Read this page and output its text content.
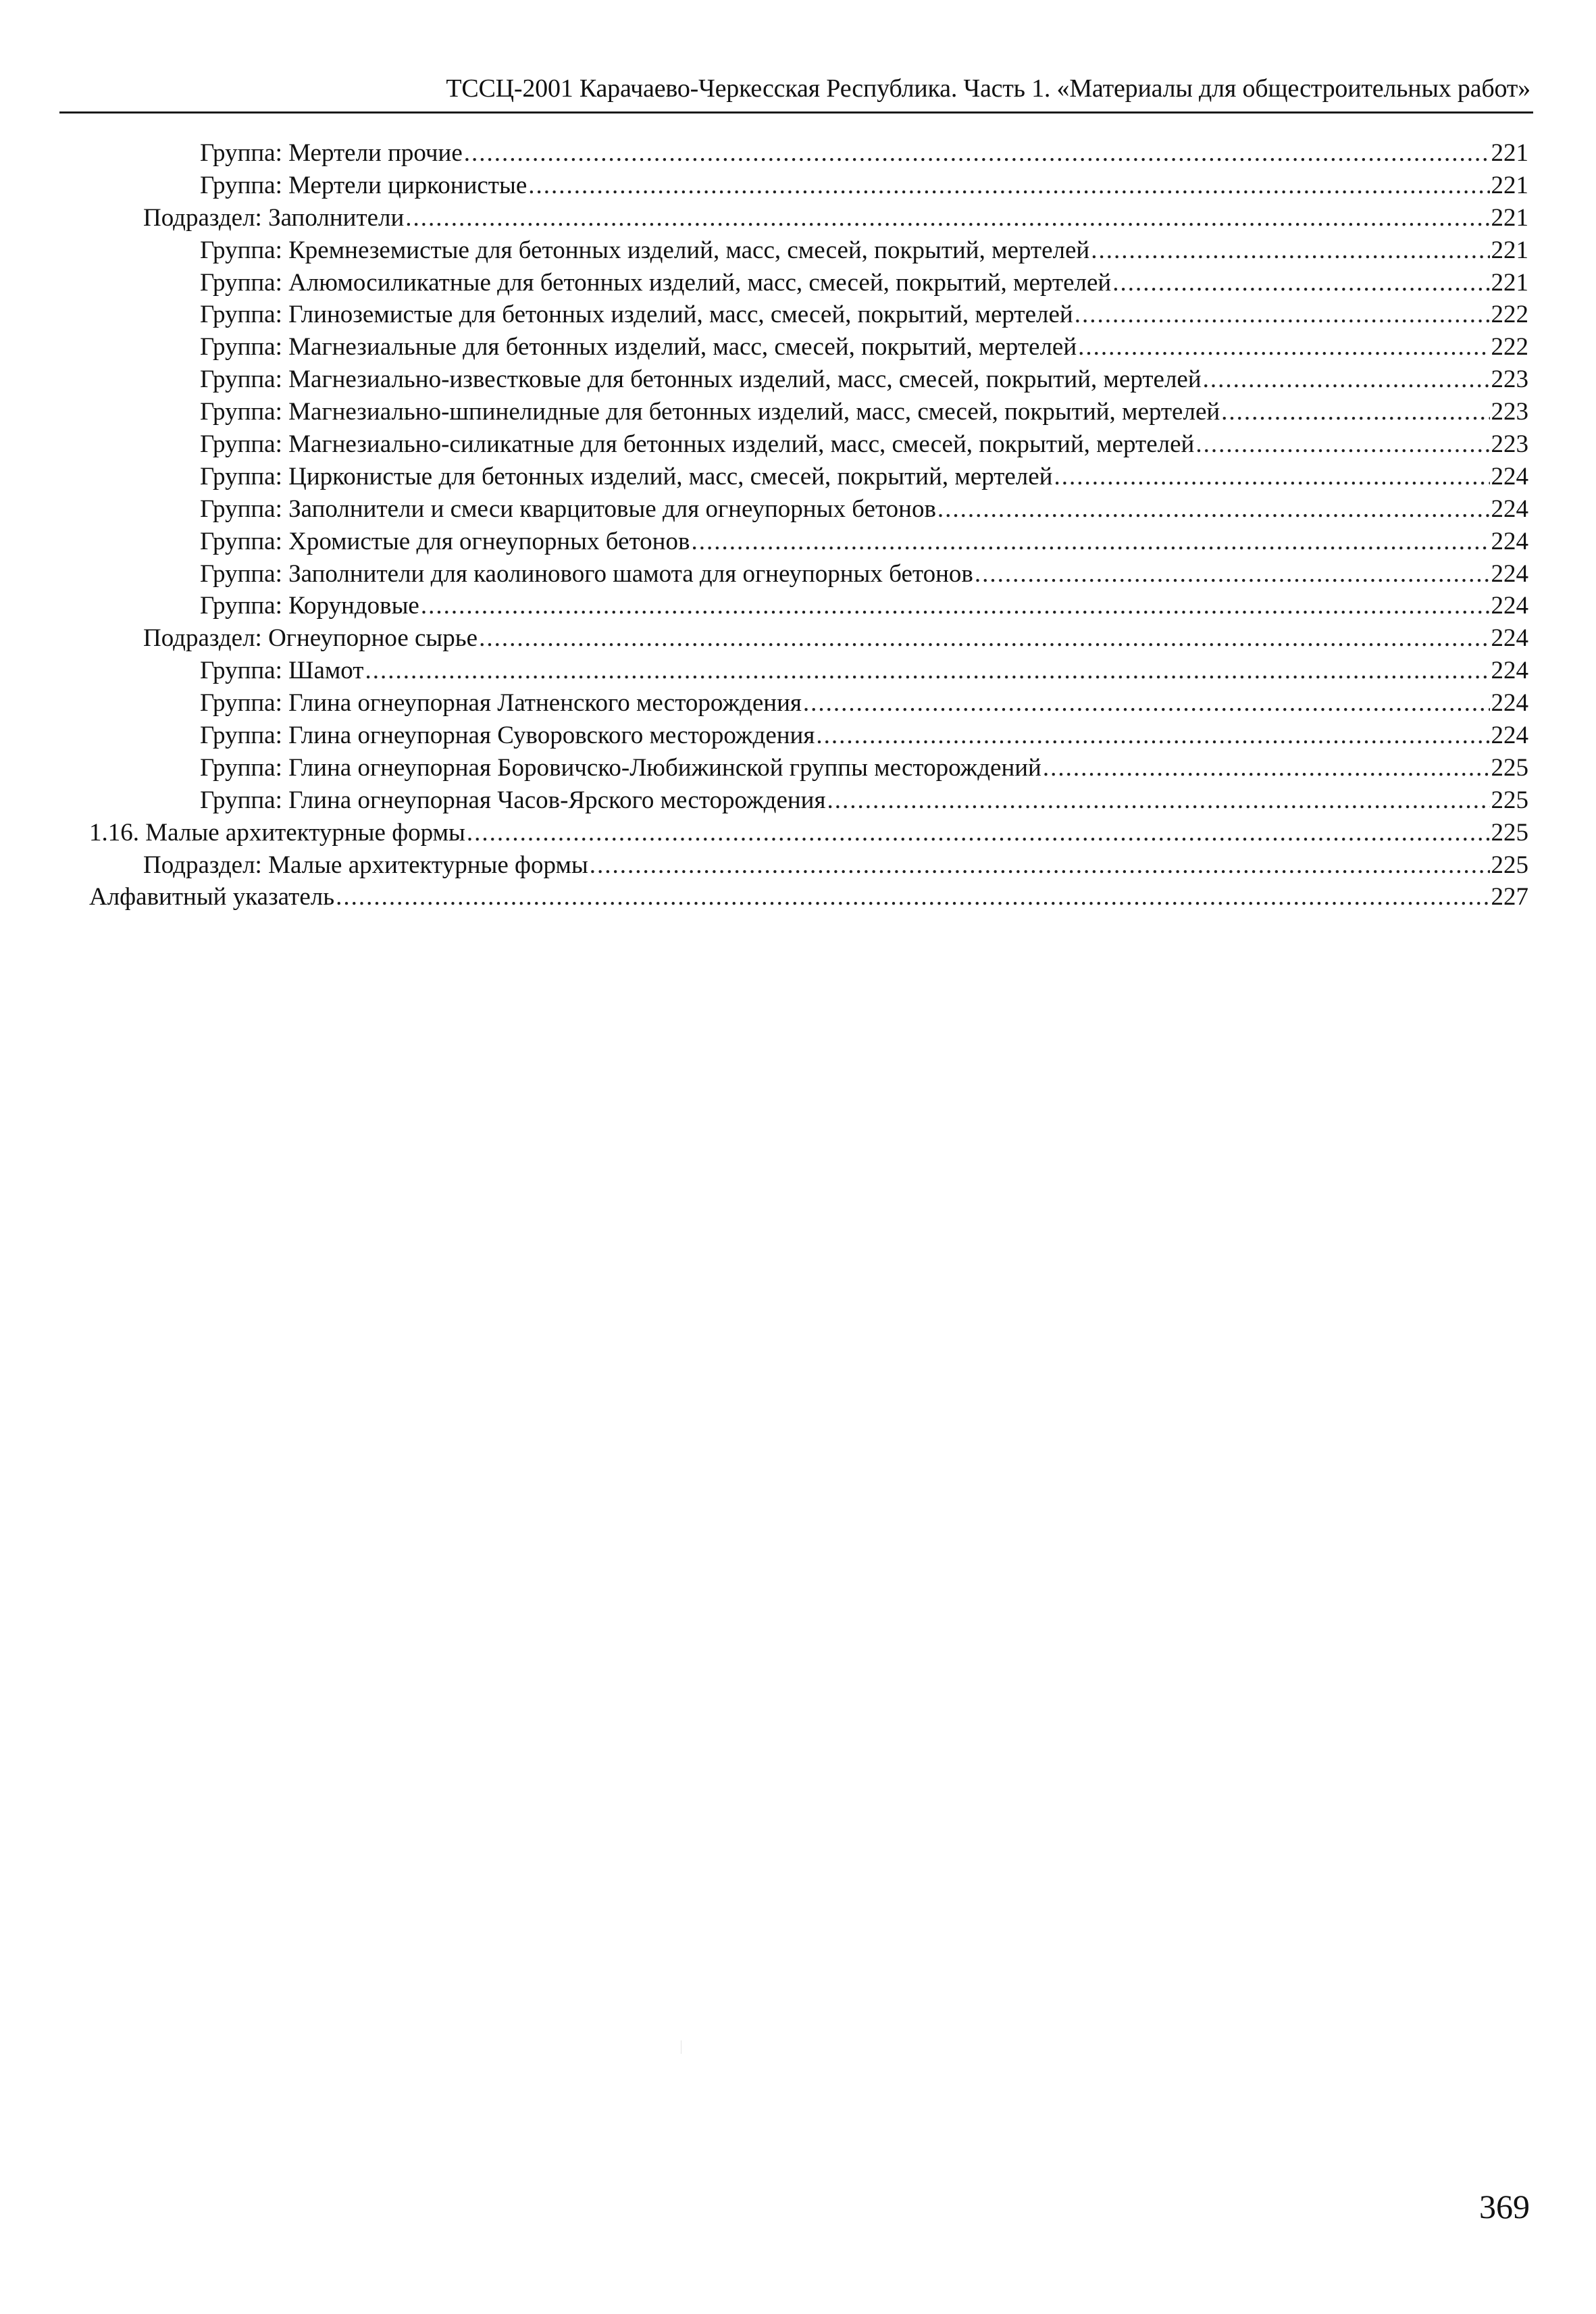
ТССЦ-2001 Карачаево-Черкесская Республика. Часть 1. «Материалы для общестроительных работ»
Группа: Мертели прочие .....	221
Группа: Мертели цирконистые .....	221
Подраздел: Заполнители .....	221
Группа: Кремнеземистые для бетонных изделий, масс, смесей, покрытий, мертелей .....	221
Группа: Алюмосиликатные для бетонных изделий, масс, смесей, покрытий, мертелей .....	221
Группа: Глиноземистые для бетонных изделий, масс, смесей, покрытий, мертелей .....	222
Группа: Магнезиальные для бетонных изделий, масс, смесей, покрытий, мертелей .....	222
Группа: Магнезиально-известковые для бетонных изделий, масс, смесей, покрытий, мертелей .....	223
Группа: Магнезиально-шпинелидные для бетонных изделий, масс, смесей, покрытий, мертелей .....	223
Группа: Магнезиально-силикатные для бетонных изделий, масс, смесей, покрытий, мертелей .....	223
Группа: Цирконистые для бетонных изделий, масс, смесей, покрытий, мертелей .....	224
Группа: Заполнители и смеси кварцитовые для огнеупорных бетонов .....	224
Группа: Хромистые для огнеупорных бетонов .....	224
Группа: Заполнители для каолинового шамота для огнеупорных бетонов .....	224
Группа: Корундовые .....	224
Подраздел: Огнеупорное сырье .....	224
Группа: Шамот .....	224
Группа: Глина огнеупорная Латненского месторождения .....	224
Группа: Глина огнеупорная Суворовского месторождения .....	224
Группа: Глина огнеупорная Боровичско-Любижинской группы месторождений .....	225
Группа: Глина огнеупорная Часов-Ярского месторождения .....	225
1.16. Малые архитектурные формы .....	225
Подраздел: Малые архитектурные формы .....	225
Алфавитный указатель .....	227
369
